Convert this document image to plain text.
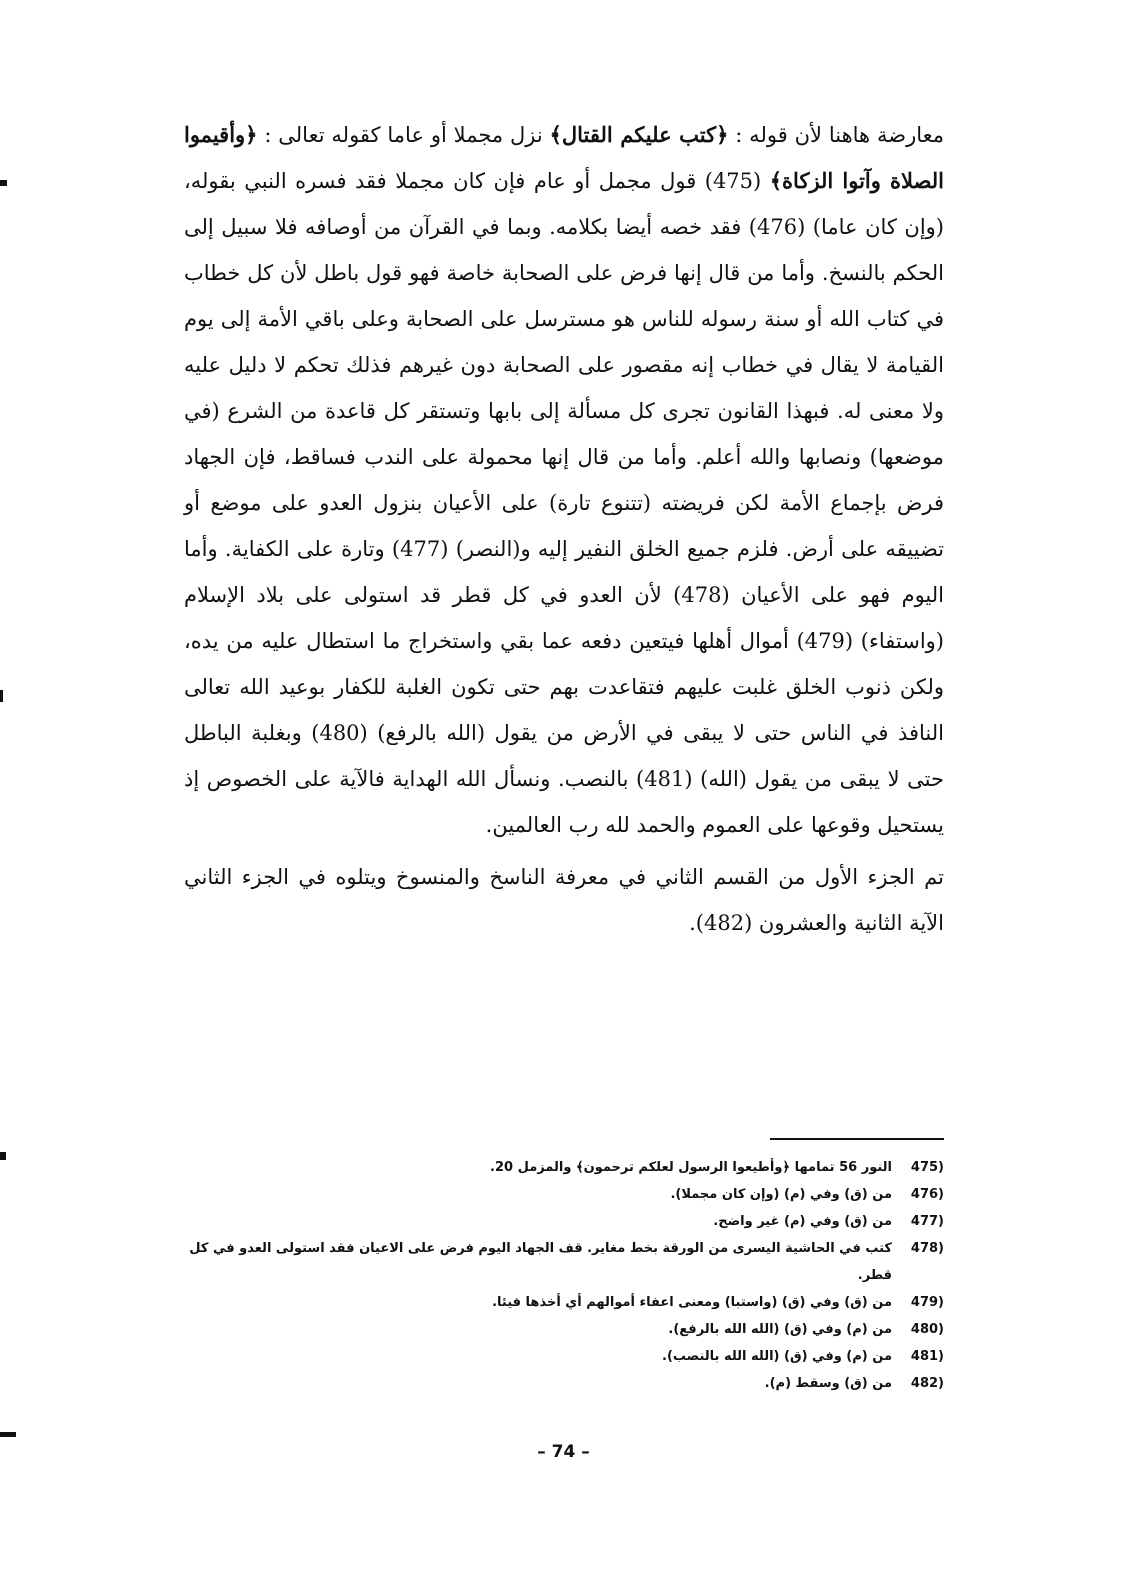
معارضة هاهنا لأن قوله : ﴿كتب عليكم القتال﴾ نزل مجملا أو عاما كقوله تعالى : ﴿وأقيموا الصلاة وآتوا الزكاة﴾ (475) قول مجمل أو عام فإن كان مجملا فقد فسره النبي بقوله، (وإن كان عاما) (476) فقد خصه أيضا بكلامه. وبما في القرآن من أوصافه فلا سبيل إلى الحكم بالنسخ. وأما من قال إنها فرض على الصحابة خاصة فهو قول باطل لأن كل خطاب في كتاب الله أو سنة رسوله للناس هو مسترسل على الصحابة وعلى باقي الأمة إلى يوم القيامة لا يقال في خطاب إنه مقصور على الصحابة دون غيرهم فذلك تحكم لا دليل عليه ولا معنى له. فبهذا القانون تجرى كل مسألة إلى بابها وتستقر كل قاعدة من الشرع (في موضعها) ونصابها والله أعلم. وأما من قال إنها محمولة على الندب فساقط، فإن الجهاد فرض بإجماع الأمة لكن فريضته (تتنوع تارة) على الأعيان بنزول العدو على موضع أو تضييقه على أرض. فلزم جميع الخلق النفير إليه و(النصر) (477) وتارة على الكفاية. وأما اليوم فهو على الأعيان (478) لأن العدو في كل قطر قد استولى على بلاد الإسلام (واستفاء) (479) أموال أهلها فيتعين دفعه عما بقي واستخراج ما استطال عليه من يده، ولكن ذنوب الخلق غلبت عليهم فتقاعدت بهم حتى تكون الغلبة للكفار بوعيد الله تعالى النافذ في الناس حتى لا يبقى في الأرض من يقول (الله بالرفع) (480) وبغلبة الباطل حتى لا يبقى من يقول (الله) (481) بالنصب. ونسأل الله الهداية فالآية على الخصوص إذ يستحيل وقوعها على العموم والحمد لله رب العالمين.

تم الجزء الأول من القسم الثاني في معرفة الناسخ والمنسوخ ويتلوه في الجزء الثاني الآية الثانية والعشرون (482).

475)
النور 56 تمامها ﴿وأطيعوا الرسول لعلكم ترحمون﴾ والمزمل 20.
476)
من (ق) وفي (م) (وإن كان مجملا).
477)
من (ق) وفي (م) غير واضح.
478)
كتب في الحاشية اليسرى من الورقة بخط مغاير. قف الجهاد اليوم فرض على الاعيان فقد استولى العدو في كل قطر.
479)
من (ق) وفي (ق) (واستبا) ومعنى اعفاء أموالهم أي أخذها فيئا.
480)
من (م) وفي (ق) (الله الله بالرفع).
481)
من (م) وفي (ق) (الله الله بالنصب).
482)
من (ق) وسقط (م).
– 74 –
